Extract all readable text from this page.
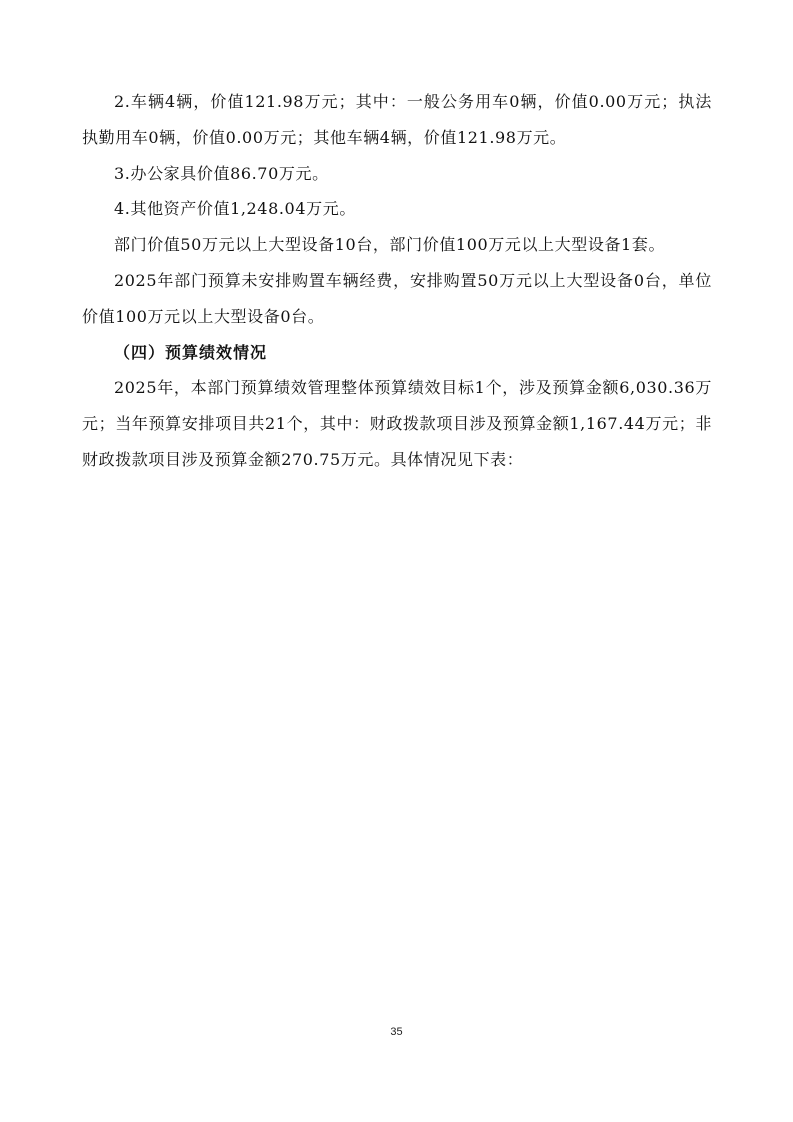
2.车辆4辆，价值121.98万元；其中：一般公务用车0辆，价值0.00万元；执法执勤用车0辆，价值0.00万元；其他车辆4辆，价值121.98万元。

3.办公家具价值86.70万元。

4.其他资产价值1,248.04万元。

部门价值50万元以上大型设备10台，部门价值100万元以上大型设备1套。

2025年部门预算未安排购置车辆经费，安排购置50万元以上大型设备0台，单位价值100万元以上大型设备0台。

（四）预算绩效情况

2025年，本部门预算绩效管理整体预算绩效目标1个，涉及预算金额6,030.36万元；当年预算安排项目共21个，其中：财政拨款项目涉及预算金额1,167.44万元；非财政拨款项目涉及预算金额270.75万元。具体情况见下表：

35
